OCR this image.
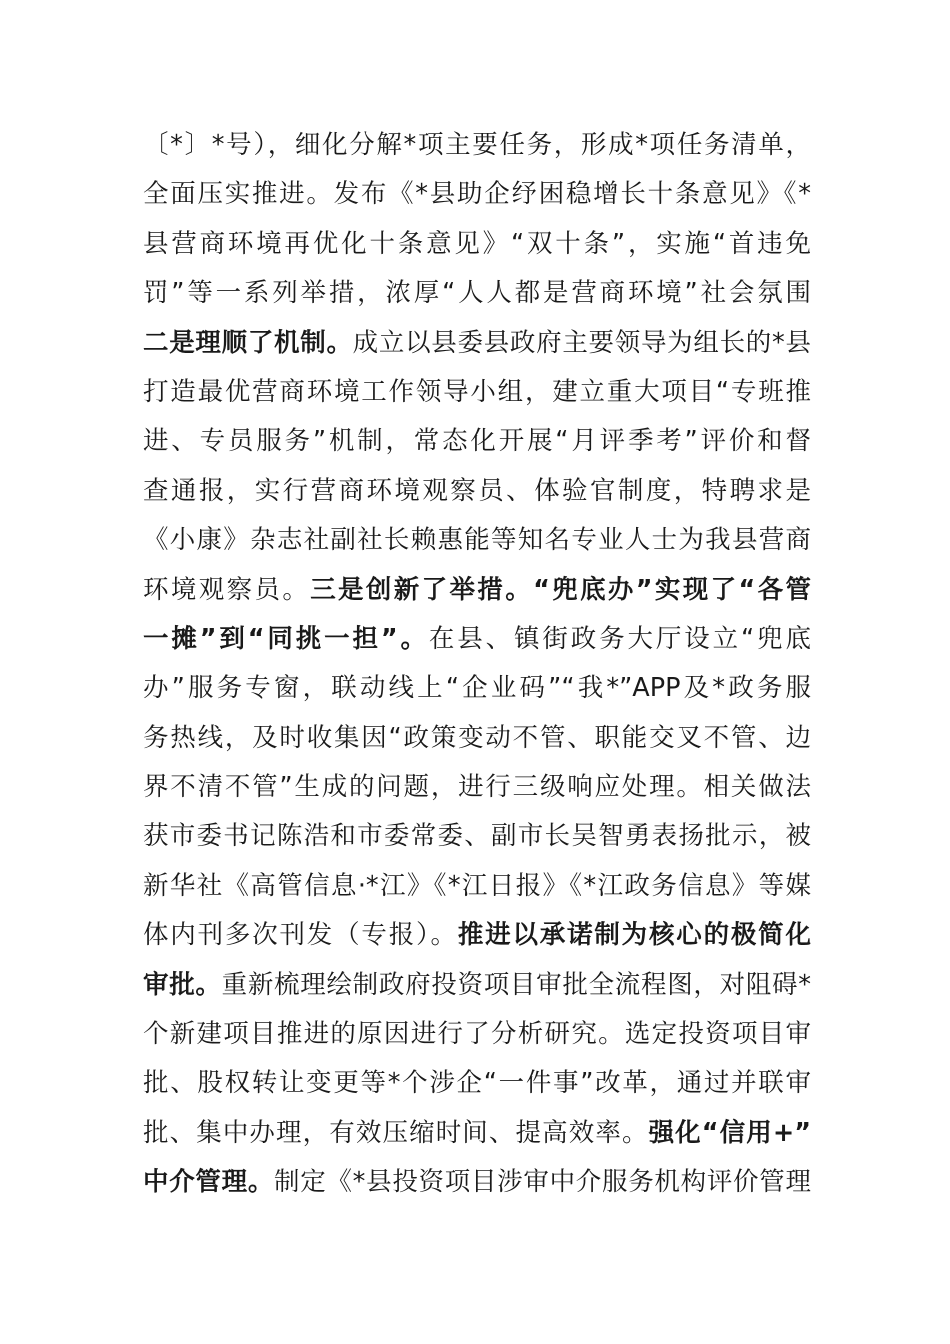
〔*〕*号），细化分解*项主要任务，形成*项任务清单，
全面压实推进。发布《*县助企纾困稳增长十条意见》《*
县营商环境再优化十条意见》“双十条”，实施“首违免
罚”等一系列举措，浓厚“人人都是营商环境”社会氛围
二是理顺了机制。成立以县委县政府主要领导为组长的*县
打造最优营商环境工作领导小组，建立重大项目“专班推
进、专员服务”机制，常态化开展“月评季考”评价和督
查通报，实行营商环境观察员、体验官制度，特聘求是
《小康》杂志社副社长赖惠能等知名专业人士为我县营商
环境观察员。三是创新了举措。“兜底办”实现了“各管
一摊”到“同挑一担”。在县、镇街政务大厅设立“兜底
办”服务专窗，联动线上“企业码”“我*”APP及*政务服
务热线，及时收集因“政策变动不管、职能交叉不管、边
界不清不管”生成的问题，进行三级响应处理。相关做法
获市委书记陈浩和市委常委、副市长吴智勇表扬批示，被
新华社《高管信息·*江》《*江日报》《*江政务信息》等媒
体内刊多次刊发（专报）。推进以承诺制为核心的极简化
审批。重新梳理绘制政府投资项目审批全流程图，对阻碍*
个新建项目推进的原因进行了分析研究。选定投资项目审
批、股权转让变更等*个涉企“一件事”改革，通过并联审
批、集中办理，有效压缩时间、提高效率。强化“信用+”
中介管理。制定《*县投资项目涉审中介服务机构评价管理
